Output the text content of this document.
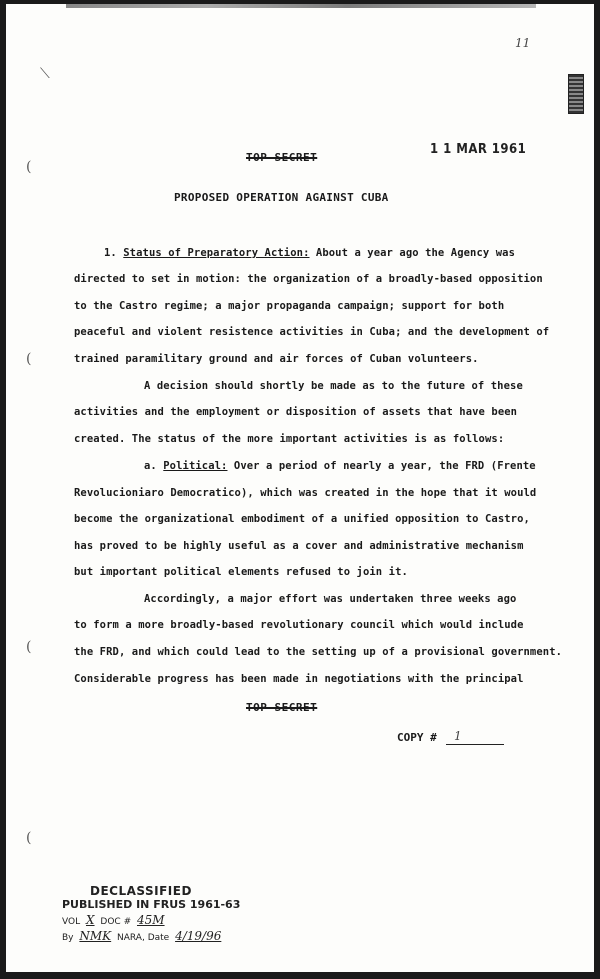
11
⟍
(
(
(
(
TOP SECRET
1 1 MAR 1961
PROPOSED OPERATION AGAINST CUBA
1. Status of Preparatory Action: About a year ago the Agency was
directed to set in motion: the organization of a broadly-based opposition
to the Castro regime; a major propaganda campaign; support for both
peaceful and violent resistence activities in Cuba; and the development of
trained paramilitary ground and air forces of Cuban volunteers.
A decision should shortly be made as to the future of these
activities and the employment or disposition of assets that have been
created. The status of the more important activities is as follows:
a. Political: Over a period of nearly a year, the FRD (Frente
Revolucioniaro Democratico), which was created in the hope that it would
become the organizational embodiment of a unified opposition to Castro,
has proved to be highly useful as a cover and administrative mechanism
but important political elements refused to join it.
Accordingly, a major effort was undertaken three weeks ago
to form a more broadly-based revolutionary council which would include
the FRD, and which could lead to the setting up of a provisional government.
Considerable progress has been made in negotiations with the principal
TOP SECRET
COPY # 1
DECLASSIFIED
PUBLISHED IN FRUS 1961-63
VOL X DOC # 45M
By NMK NARA, Date 4/19/96
